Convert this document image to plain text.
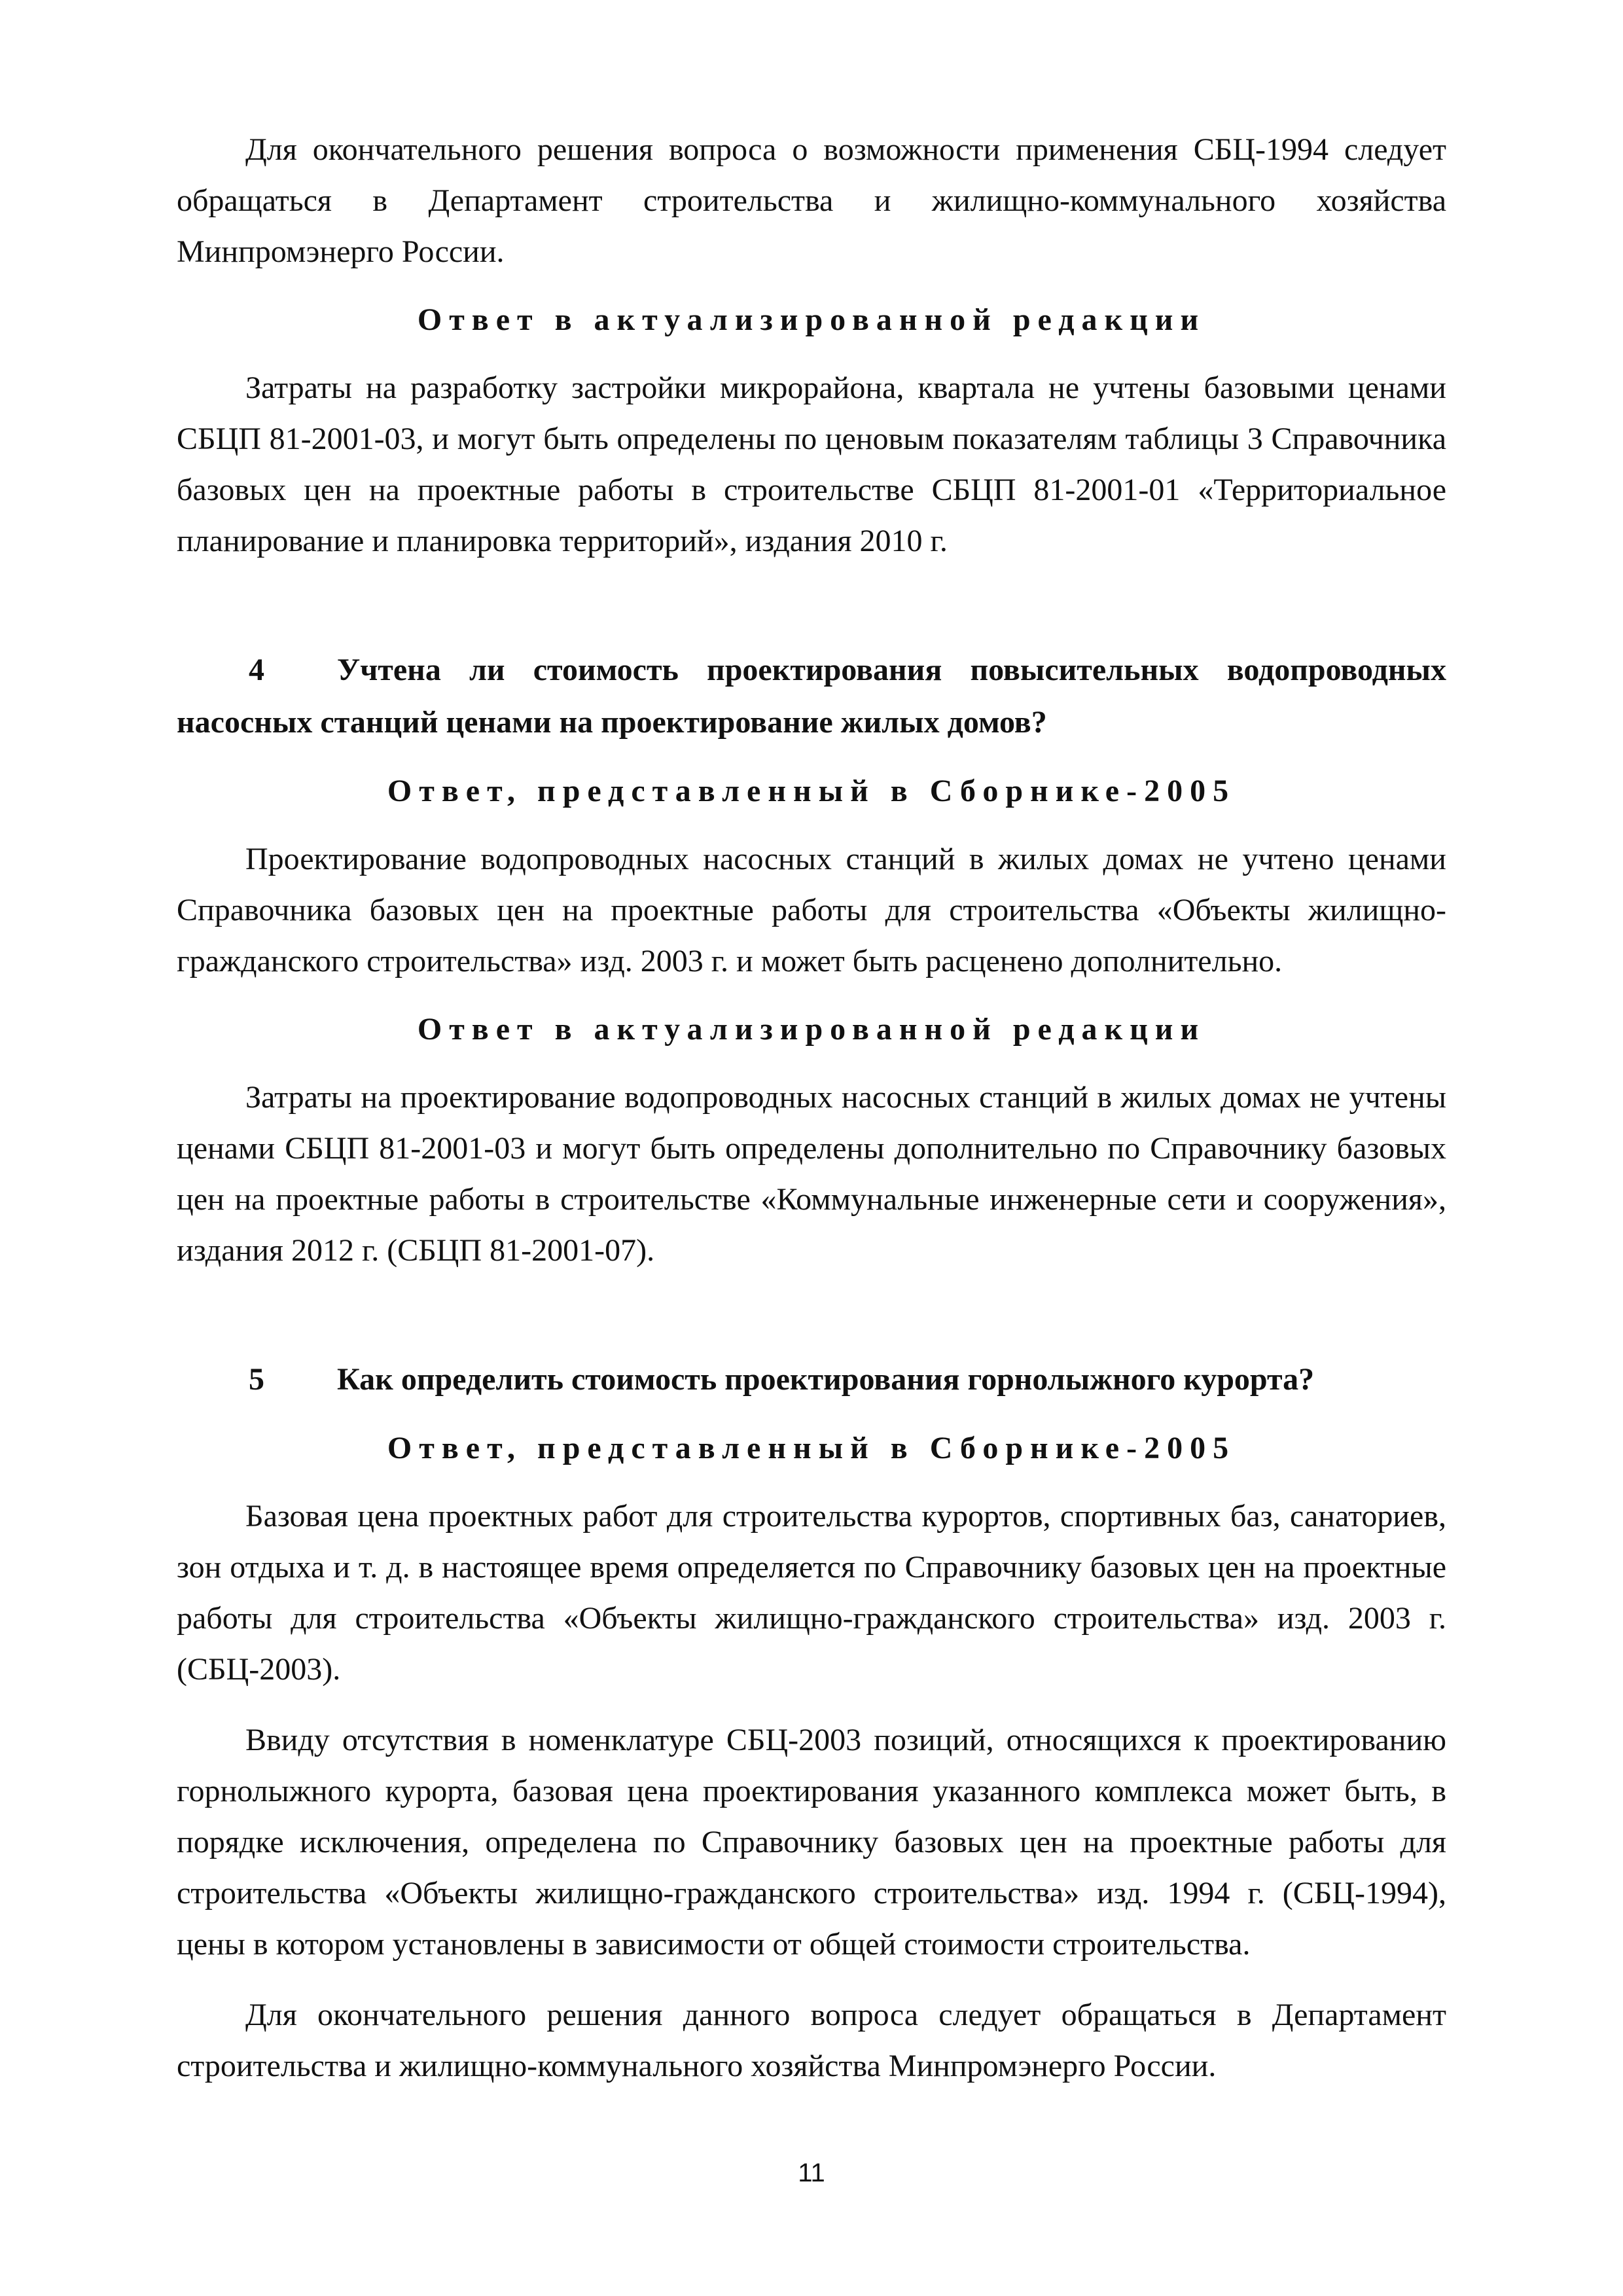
Для окончательного решения вопроса о возможности применения СБЦ-1994 следует обращаться в Департамент строительства и жилищно-коммунального хозяйства Минпромэнерго России.

Ответ в актуализированной редакции

Затраты на разработку застройки микрорайона, квартала не учтены базовыми ценами СБЦП 81-2001-03, и могут быть определены по ценовым показателям таблицы 3 Справочника базовых цен на проектные работы в строительстве СБЦП 81-2001-01 «Территориальное планирование и планировка территорий», издания 2010 г.

4 Учтена ли стоимость проектирования повысительных водопроводных насосных станций ценами на проектирование жилых домов?
Ответ, представленный в Сборнике-2005

Проектирование водопроводных насосных станций в жилых домах не учтено ценами Справочника базовых цен на проектные работы для строительства «Объекты жилищно-гражданского строительства» изд. 2003 г. и может быть расценено дополнительно.

Ответ в актуализированной редакции

Затраты на проектирование водопроводных насосных станций в жилых домах не учтены ценами СБЦП 81-2001-03 и могут быть определены дополнительно по Справочнику базовых цен на проектные работы в строительстве «Коммунальные инженерные сети и сооружения», издания 2012 г. (СБЦП 81-2001-07).

5 Как определить стоимость проектирования горнолыжного курорта?
Ответ, представленный в Сборнике-2005

Базовая цена проектных работ для строительства курортов, спортивных баз, санаториев, зон отдыха и т. д. в настоящее время определяется по Справочнику базовых цен на проектные работы для строительства «Объекты жилищно-гражданского строительства» изд. 2003 г. (СБЦ-2003).

Ввиду отсутствия в номенклатуре СБЦ-2003 позиций, относящихся к проектированию горнолыжного курорта, базовая цена проектирования указанного комплекса может быть, в порядке исключения, определена по Справочнику базовых цен на проектные работы для строительства «Объекты жилищно-гражданского строительства» изд. 1994 г. (СБЦ-1994), цены в котором установлены в зависимости от общей стоимости строительства.

Для окончательного решения данного вопроса следует обращаться в Департамент строительства и жилищно-коммунального хозяйства Минпромэнерго России.

11
